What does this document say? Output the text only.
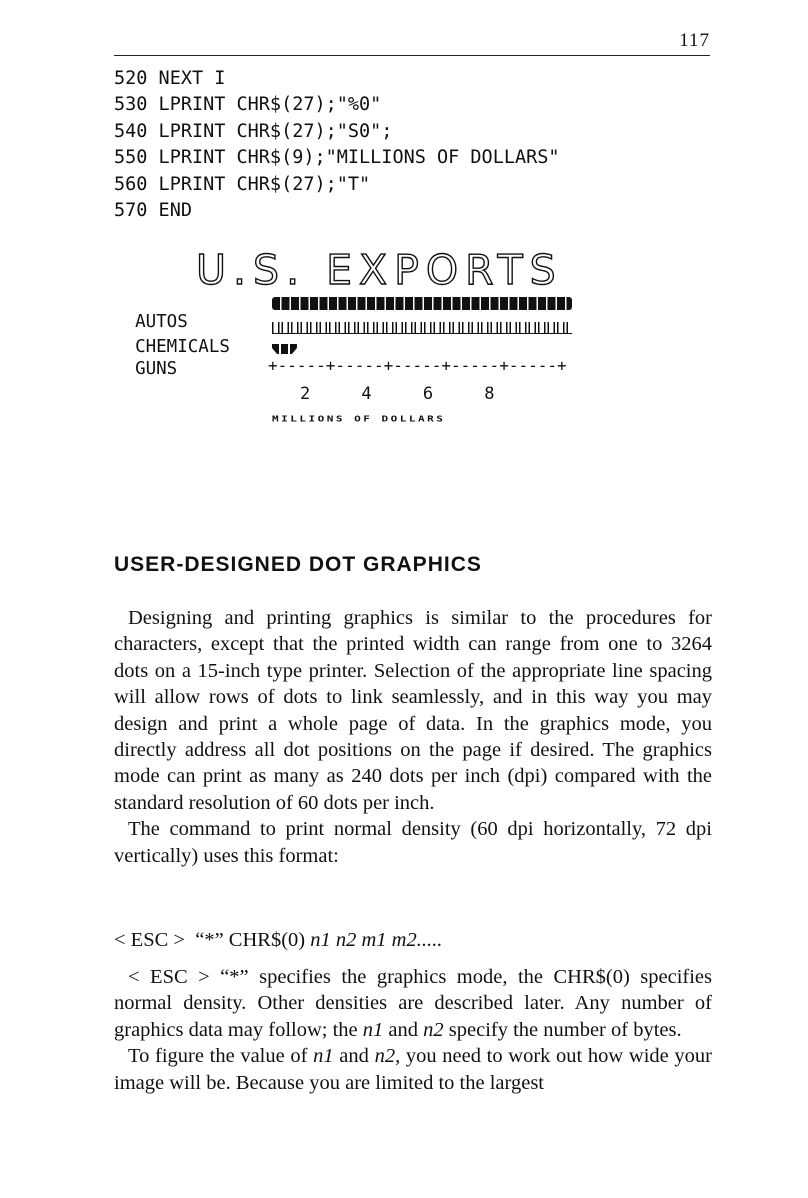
117
520 NEXT I
530 LPRINT CHR$(27);"%0"
540 LPRINT CHR$(27);"S0";
550 LPRINT CHR$(9);"MILLIONS OF DOLLARS"
560 LPRINT CHR$(27);"T"
570 END
U.S. EXPORTS

AUTOS

CHEMICALS

GUNS
	+-----+-----+-----+-----+-----+
2     4     6     8
MILLIONS OF DOLLARS
USER-DESIGNED DOT GRAPHICS

Designing and printing graphics is similar to the procedures for characters, except that the printed width can range from one to 3264 dots on a 15-inch type printer. Selection of the appropriate line spacing will allow rows of dots to link seamlessly, and in this way you may design and print a whole page of data. In the graphics mode, you directly address all dot positions on the page if desired. The graphics mode can print as many as 240 dots per inch (dpi) compared with the standard resolution of 60 dots per inch.

The command to print normal density (60 dpi horizontally, 72 dpi vertically) uses this format:

< ESC >  “*” CHR$(0) n1 n2 m1 m2.....

< ESC > “*” specifies the graphics mode, the CHR$(0) specifies normal density. Other densities are described later. Any number of graphics data may follow; the n1 and n2 specify the number of bytes.

To figure the value of n1 and n2, you need to work out how wide your image will be. Because you are limited to the largest
